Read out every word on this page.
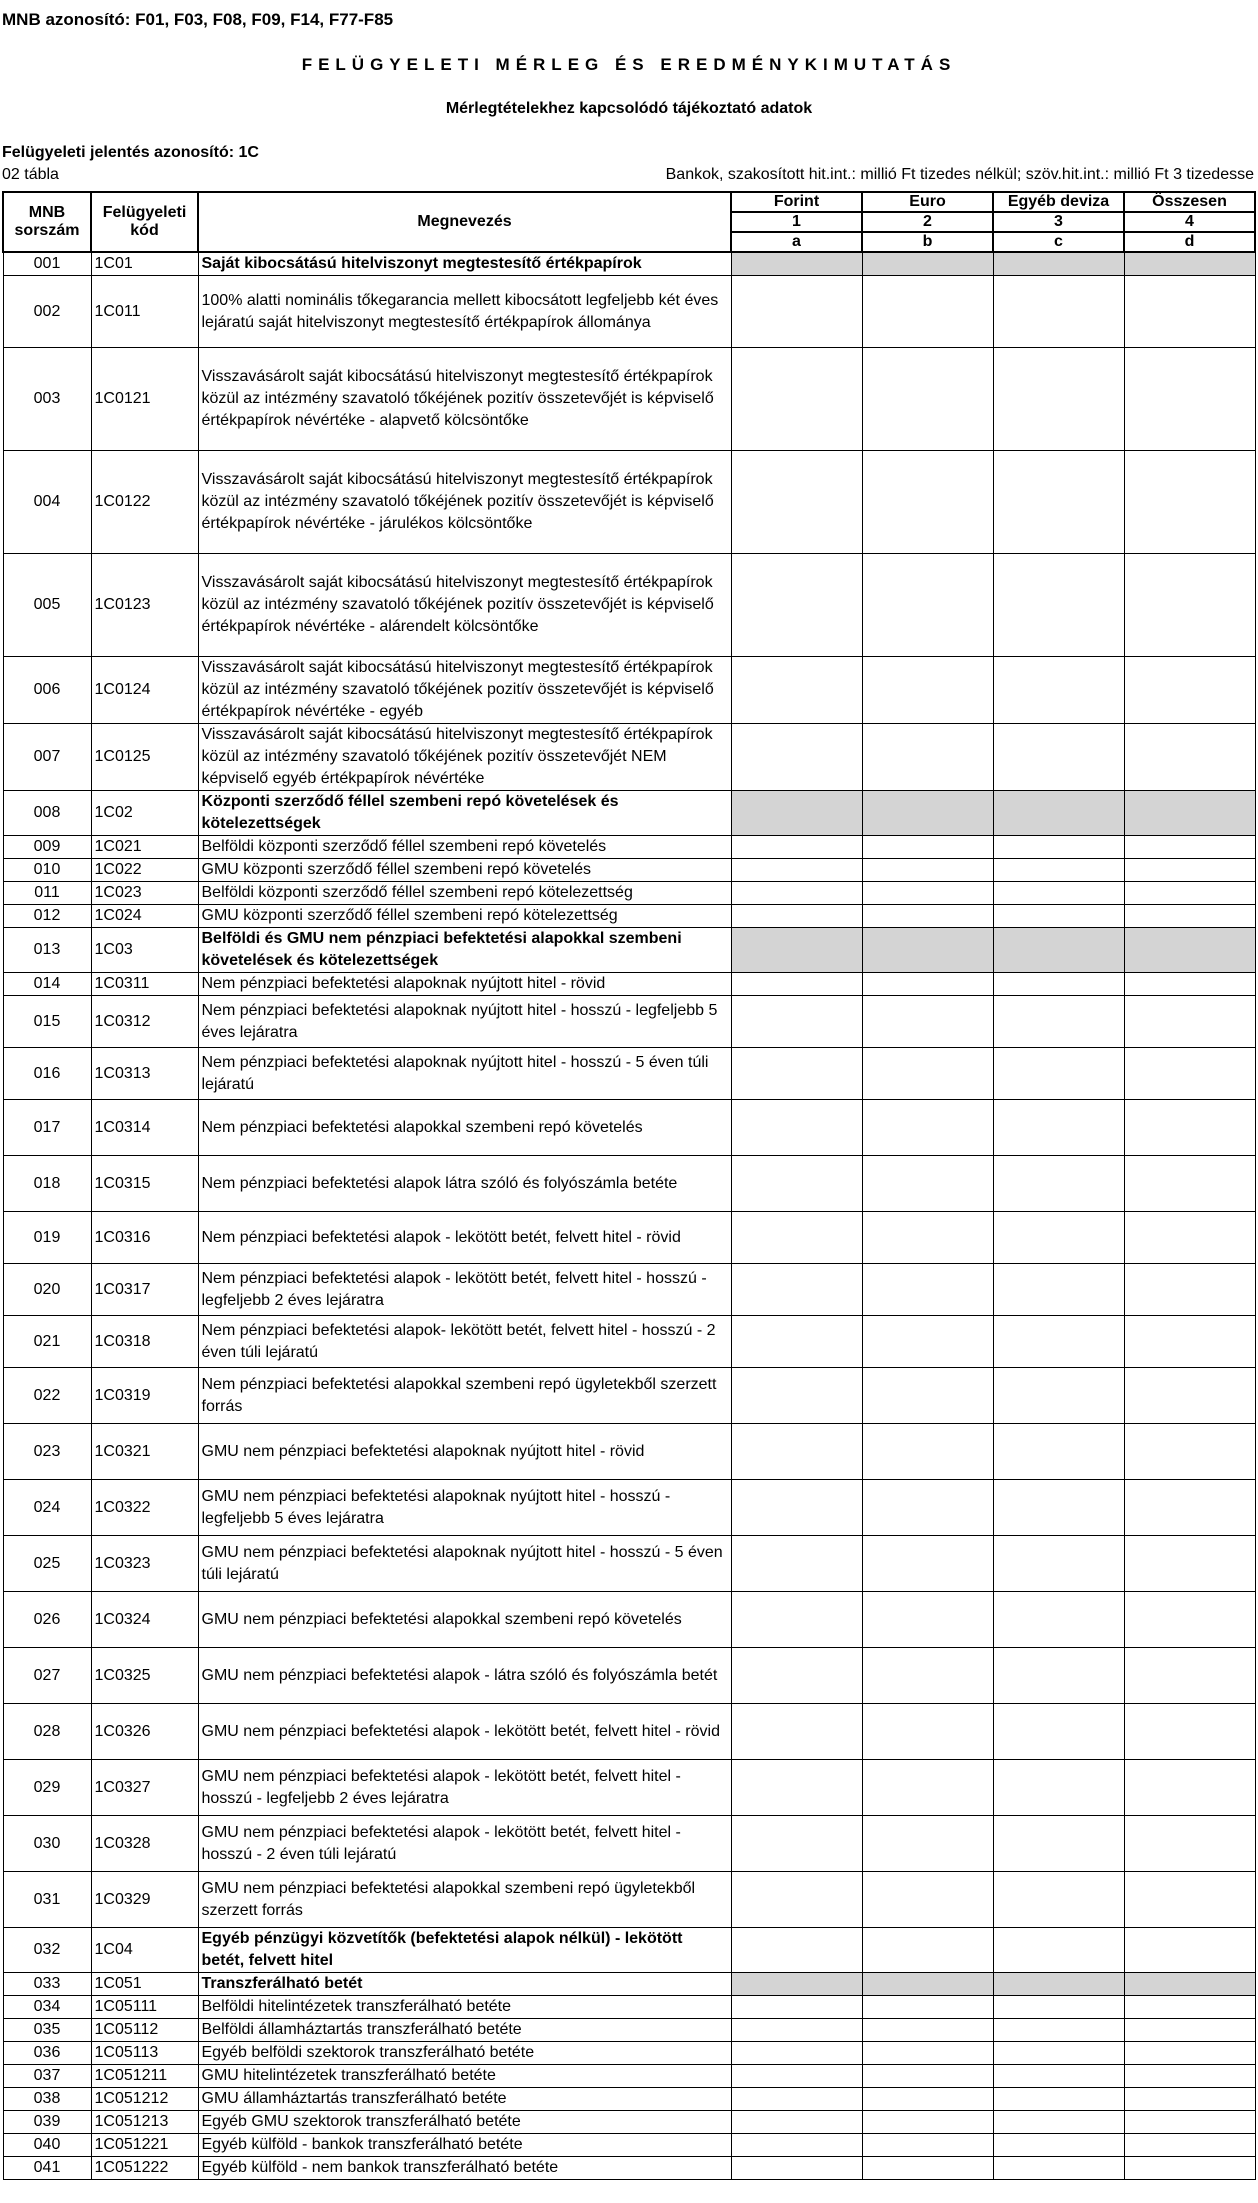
MNB azonosító: F01, F03, F08, F09, F14, F77-F85
FELÜGYELETI MÉRLEG ÉS EREDMÉNYKIMUTATÁS
Mérlegtételekhez kapcsolódó tájékoztató adatok
Felügyeleti jelentés azonosító: 1C
02 tábla	Bankok, szakosított hit.int.: millió Ft tizedes nélkül; szöv.hit.int.: millió Ft 3 tizedesse
MNB sorszám	Felügyeleti kód	Megnevezés	Forint	Euro	Egyéb deviza	Összesen
			1	2	3	4
			a	b	c	d
001	1C01	Saját kibocsátású hitelviszonyt megtestesítő értékpapírok				
002	1C011	100% alatti nominális tőkegarancia mellett kibocsátott legfeljebb két éves lejáratú saját hitelviszonyt megtestesítő értékpapírok állománya				
003	1C0121	Visszavásárolt saját kibocsátású hitelviszonyt megtestesítő értékpapírok közül az intézmény szavatoló tőkéjének pozitív összetevőjét is képviselő értékpapírok névértéke - alapvető kölcsöntőke				
004	1C0122	Visszavásárolt saját kibocsátású hitelviszonyt megtestesítő értékpapírok közül az intézmény szavatoló tőkéjének pozitív összetevőjét is képviselő értékpapírok névértéke - járulékos kölcsöntőke				
005	1C0123	Visszavásárolt saját kibocsátású hitelviszonyt megtestesítő értékpapírok közül az intézmény szavatoló tőkéjének pozitív összetevőjét is képviselő értékpapírok névértéke - alárendelt kölcsöntőke				
006	1C0124	Visszavásárolt saját kibocsátású hitelviszonyt megtestesítő értékpapírok közül az intézmény szavatoló tőkéjének pozitív összetevőjét is képviselő értékpapírok névértéke - egyéb				
007	1C0125	Visszavásárolt saját kibocsátású hitelviszonyt megtestesítő értékpapírok közül az intézmény szavatoló tőkéjének pozitív összetevőjét NEM képviselő egyéb értékpapírok névértéke				
008	1C02	Központi szerződő féllel szembeni repó követelések és kötelezettségek				
009	1C021	Belföldi központi szerződő féllel szembeni repó követelés				
010	1C022	GMU központi szerződő féllel szembeni repó követelés				
011	1C023	Belföldi központi szerződő féllel szembeni repó kötelezettség				
012	1C024	GMU központi szerződő féllel szembeni repó kötelezettség				
013	1C03	Belföldi és GMU nem pénzpiaci befektetési alapokkal szembeni követelések és kötelezettségek				
014	1C0311	Nem pénzpiaci befektetési alapoknak nyújtott hitel - rövid				
015	1C0312	Nem pénzpiaci befektetési alapoknak nyújtott hitel - hosszú - legfeljebb 5 éves lejáratra				
016	1C0313	Nem pénzpiaci befektetési alapoknak nyújtott hitel - hosszú - 5 éven túli lejáratú				
017	1C0314	Nem pénzpiaci befektetési alapokkal szembeni repó követelés				
018	1C0315	Nem pénzpiaci befektetési alapok látra szóló és folyószámla betéte				
019	1C0316	Nem pénzpiaci befektetési alapok - lekötött betét, felvett hitel - rövid				
020	1C0317	Nem pénzpiaci befektetési alapok - lekötött betét, felvett hitel - hosszú - legfeljebb 2 éves lejáratra				
021	1C0318	Nem pénzpiaci befektetési alapok- lekötött betét, felvett hitel - hosszú - 2 éven túli lejáratú				
022	1C0319	Nem pénzpiaci befektetési alapokkal szembeni repó ügyletekből szerzett forrás				
023	1C0321	GMU nem pénzpiaci befektetési alapoknak nyújtott hitel - rövid				
024	1C0322	GMU nem pénzpiaci befektetési alapoknak nyújtott hitel - hosszú - legfeljebb 5 éves lejáratra				
025	1C0323	GMU nem pénzpiaci befektetési alapoknak nyújtott hitel - hosszú - 5 éven túli lejáratú				
026	1C0324	GMU nem pénzpiaci befektetési alapokkal szembeni repó követelés				
027	1C0325	GMU nem pénzpiaci befektetési alapok - látra szóló és folyószámla betét				
028	1C0326	GMU nem pénzpiaci befektetési alapok - lekötött betét, felvett hitel - rövid				
029	1C0327	GMU nem pénzpiaci befektetési alapok - lekötött betét, felvett hitel - hosszú - legfeljebb 2 éves lejáratra				
030	1C0328	GMU nem pénzpiaci befektetési alapok - lekötött betét, felvett hitel - hosszú - 2 éven túli lejáratú				
031	1C0329	GMU nem pénzpiaci befektetési alapokkal szembeni repó ügyletekből szerzett forrás				
032	1C04	Egyéb pénzügyi közvetítők (befektetési alapok nélkül) - lekötött betét, felvett hitel				
033	1C051	Transzferálható betét				
034	1C05111	Belföldi hitelintézetek transzferálható betéte				
035	1C05112	Belföldi államháztartás transzferálható betéte				
036	1C05113	Egyéb belföldi szektorok transzferálható betéte				
037	1C051211	GMU hitelintézetek transzferálható betéte				
038	1C051212	GMU államháztartás transzferálható betéte				
039	1C051213	Egyéb GMU szektorok transzferálható betéte				
040	1C051221	Egyéb külföld - bankok transzferálható betéte				
041	1C051222	Egyéb külföld - nem bankok transzferálható betéte				
